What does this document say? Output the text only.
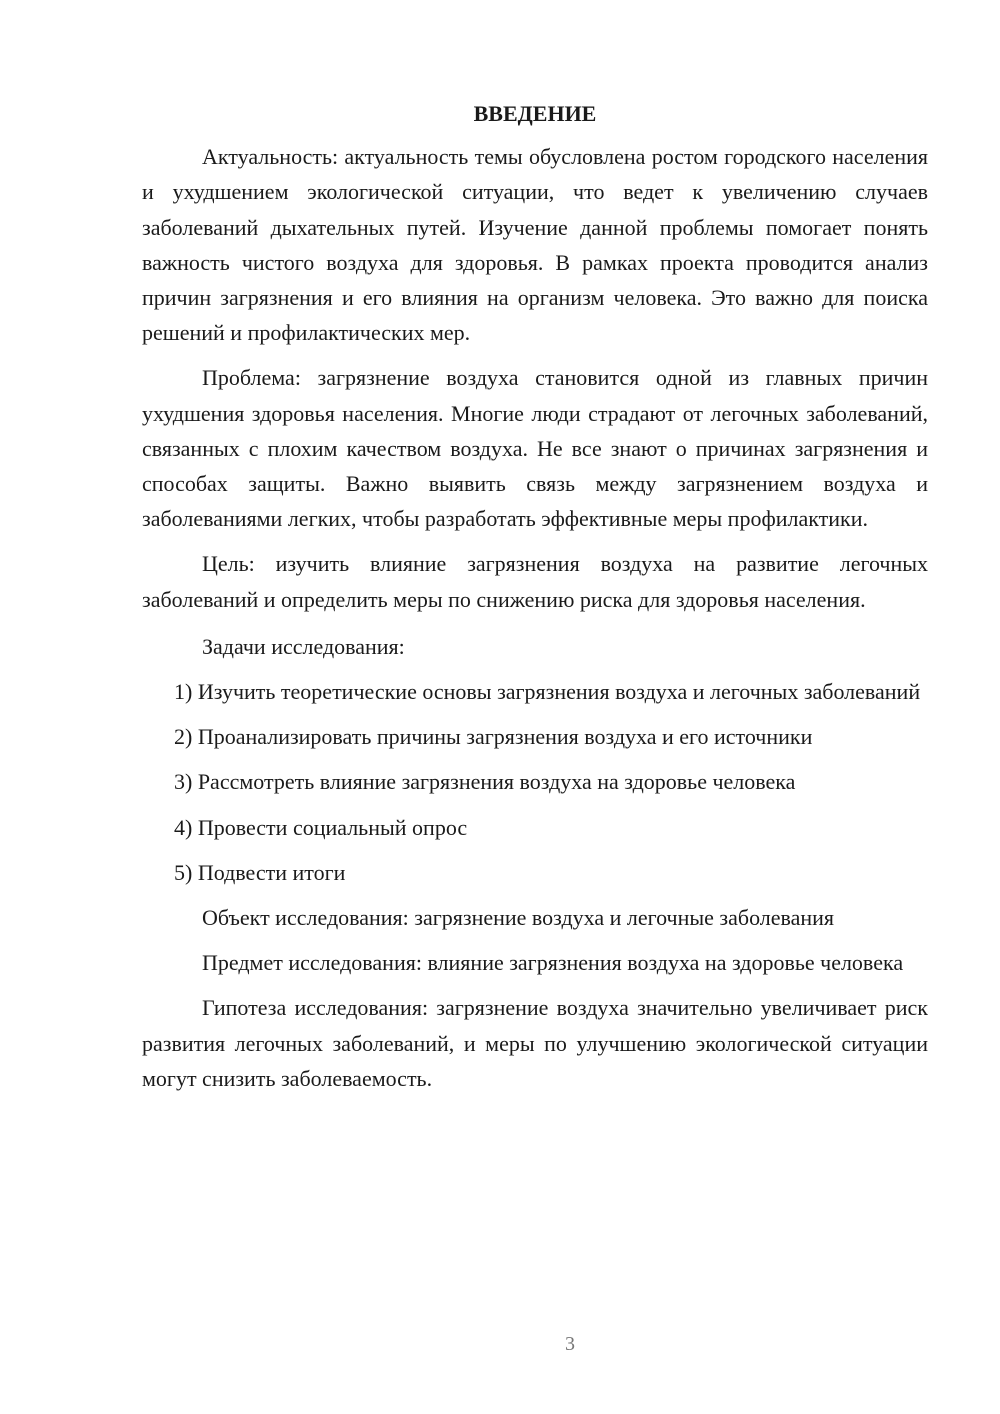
ВВЕДЕНИЕ

Актуальность: актуальность темы обусловлена ростом городского населения и ухудшением экологической ситуации, что ведет к увеличению случаев заболеваний дыхательных путей. Изучение данной проблемы помогает понять важность чистого воздуха для здоровья. В рамках проекта проводится анализ причин загрязнения и его влияния на организм человека. Это важно для поиска решений и профилактических мер.

Проблема: загрязнение воздуха становится одной из главных причин ухудшения здоровья населения. Многие люди страдают от легочных заболеваний, связанных с плохим качеством воздуха. Не все знают о причинах загрязнения и способах защиты. Важно выявить связь между загрязнением воздуха и заболеваниями легких, чтобы разработать эффективные меры профилактики.

Цель: изучить влияние загрязнения воздуха на развитие легочных заболеваний и определить меры по снижению риска для здоровья населения.

Задачи исследования:

1) Изучить теоретические основы загрязнения воздуха и легочных заболеваний

2) Проанализировать причины загрязнения воздуха и его источники

3) Рассмотреть влияние загрязнения воздуха на здоровье человека

4) Провести социальный опрос

5) Подвести итоги

Объект исследования: загрязнение воздуха и легочные заболевания

Предмет исследования: влияние загрязнения воздуха на здоровье человека

Гипотеза исследования: загрязнение воздуха значительно увеличивает риск развития легочных заболеваний, и меры по улучшению экологической ситуации могут снизить заболеваемость.

3
